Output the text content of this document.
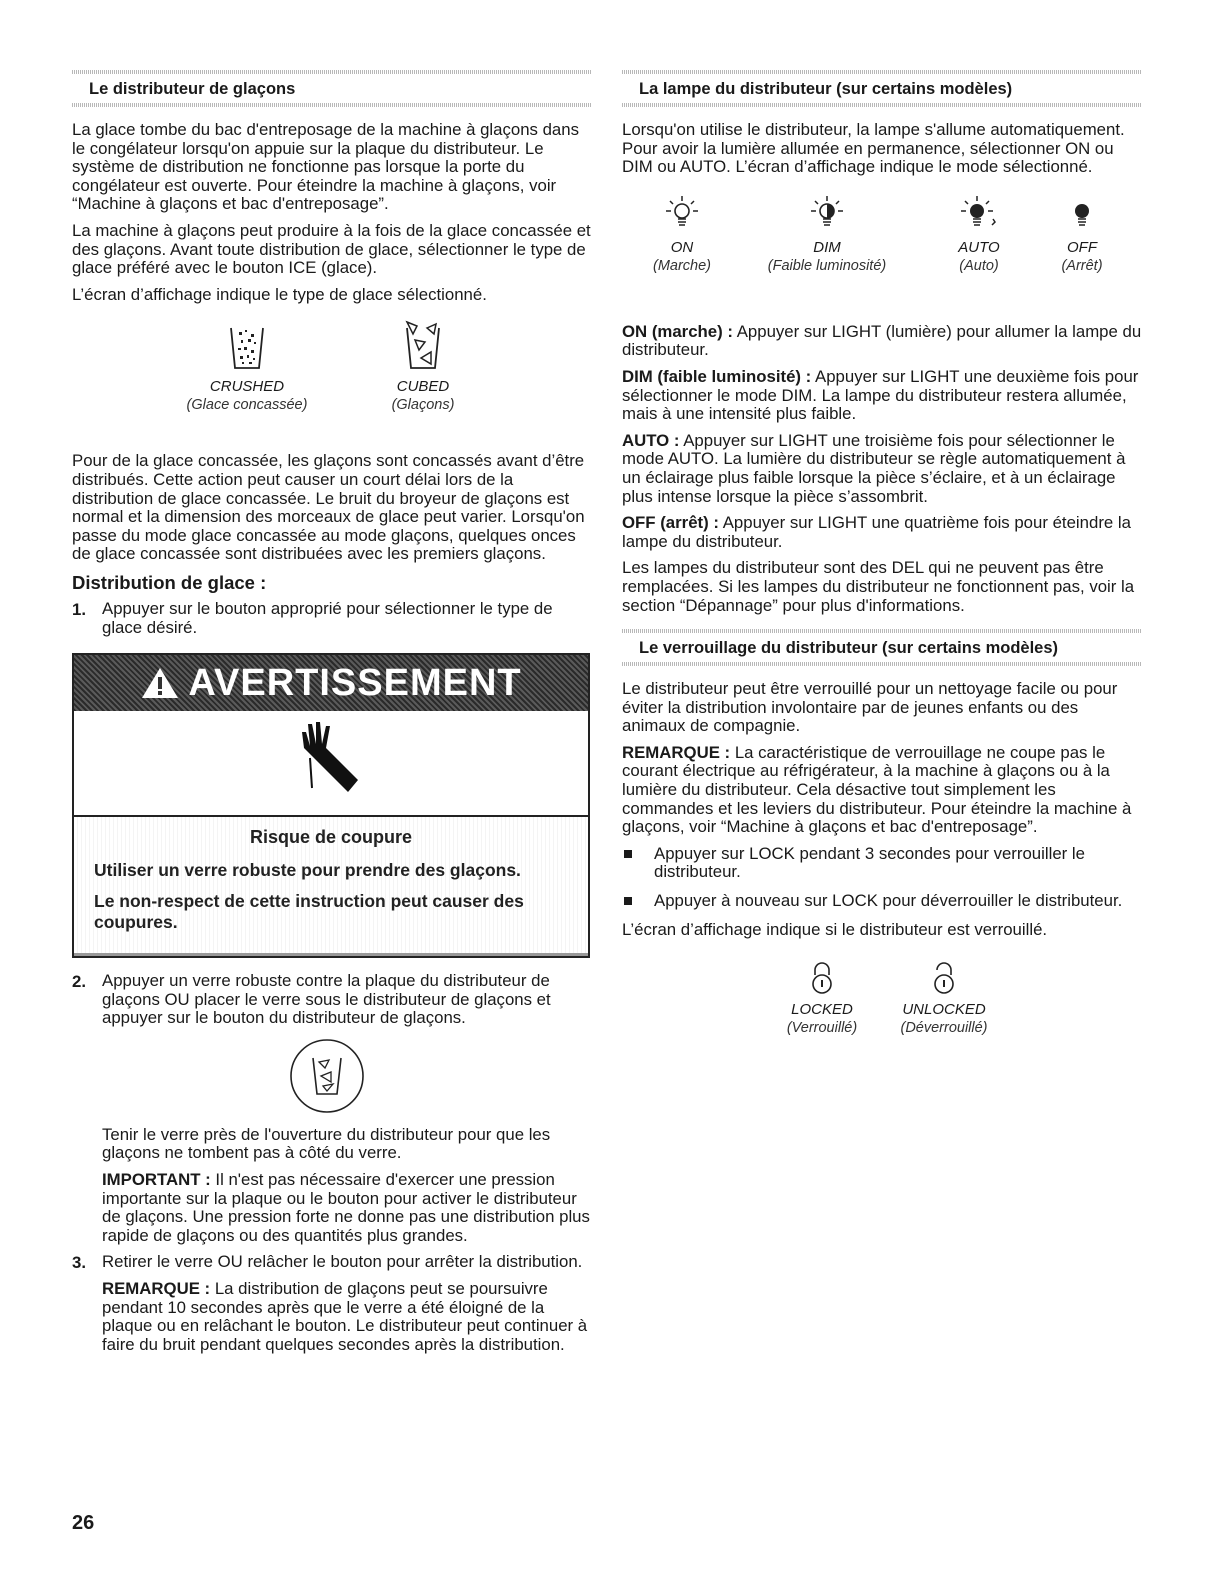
Le distributeur de glaçons

La glace tombe du bac d'entreposage de la machine à glaçons dans le congélateur lorsqu'on appuie sur la plaque du distributeur. Le système de distribution ne fonctionne pas lorsque la porte du congélateur est ouverte. Pour éteindre la machine à glaçons, voir “Machine à glaçons et bac d'entreposage”.

La machine à glaçons peut produire à la fois de la glace concassée et des glaçons. Avant toute distribution de glace, sélectionner le type de glace préféré avec le bouton ICE (glace).

L’écran d’affichage indique le type de glace sélectionné.

CRUSHED
(Glace concassée)
CUBED
(Glaçons)

Pour de la glace concassée, les glaçons sont concassés avant d’être distribués. Cette action peut causer un court délai lors de la distribution de glace concassée. Le bruit du broyeur de glaçons est normal et la dimension des morceaux de glace peut varier. Lorsqu'on passe du mode glace concassée au mode glaçons, quelques onces de glace concassée sont distribuées avec les premiers glaçons.

Distribution de glace :
1. Appuyer sur le bouton approprié pour sélectionner le type de glace désiré.

AVERTISSEMENT
Risque de coupure
Utiliser un verre robuste pour prendre des glaçons.
Le non-respect de cette instruction peut causer des coupures.
2. Appuyer un verre robuste contre la plaque du distributeur de glaçons OU placer le verre sous le distributeur de glaçons et appuyer sur le bouton du distributeur de glaçons.

Tenir le verre près de l'ouverture du distributeur pour que les glaçons ne tombent pas à côté du verre.

IMPORTANT : Il n'est pas nécessaire d'exercer une pression importante sur la plaque ou le bouton pour activer le distributeur de glaçons. Une pression forte ne donne pas une distribution plus rapide de glaçons ou des quantités plus grandes.

3. Retirer le verre OU relâcher le bouton pour arrêter la distribution.

REMARQUE : La distribution de glaçons peut se poursuivre pendant 10 secondes après que le verre a été éloigné de la plaque ou en relâchant le bouton. Le distributeur peut continuer à faire du bruit pendant quelques secondes après la distribution.

La lampe du distributeur (sur certains modèles)

Lorsqu'on utilise le distributeur, la lampe s'allume automatiquement. Pour avoir la lumière allumée en permanence, sélectionner ON ou DIM ou AUTO. L’écran d’affichage indique le mode sélectionné.

ON
(Marche)
DIM
(Faible luminosité)
AUTO
(Auto)
OFF
(Arrêt)

ON (marche) : Appuyer sur LIGHT (lumière) pour allumer la lampe du distributeur.

DIM (faible luminosité) : Appuyer sur LIGHT une deuxième fois pour sélectionner le mode DIM. La lampe du distributeur restera allumée, mais à une intensité plus faible.

AUTO : Appuyer sur LIGHT une troisième fois pour sélectionner le mode AUTO. La lumière du distributeur se règle automatiquement à un éclairage plus faible lorsque la pièce s’éclaire, et à un éclairage plus intense lorsque la pièce s’assombrit.

OFF (arrêt) : Appuyer sur LIGHT une quatrième fois pour éteindre la lampe du distributeur.

Les lampes du distributeur sont des DEL qui ne peuvent pas être remplacées. Si les lampes du distributeur ne fonctionnent pas, voir la section “Dépannage” pour plus d'informations.

Le verrouillage du distributeur (sur certains modèles)

Le distributeur peut être verrouillé pour un nettoyage facile ou pour éviter la distribution involontaire par de jeunes enfants ou des animaux de compagnie.

REMARQUE : La caractéristique de verrouillage ne coupe pas le courant électrique au réfrigérateur, à la machine à glaçons ou à la lumière du distributeur. Cela désactive tout simplement les commandes et les leviers du distributeur. Pour éteindre la machine à glaçons, voir “Machine à glaçons et bac d'entreposage”.

Appuyer sur LOCK pendant 3 secondes pour verrouiller le distributeur.
Appuyer à nouveau sur LOCK pour déverrouiller le distributeur.

L’écran d’affichage indique si le distributeur est verrouillé.

LOCKED
(Verrouillé)
UNLOCKED
(Déverrouillé)
26
